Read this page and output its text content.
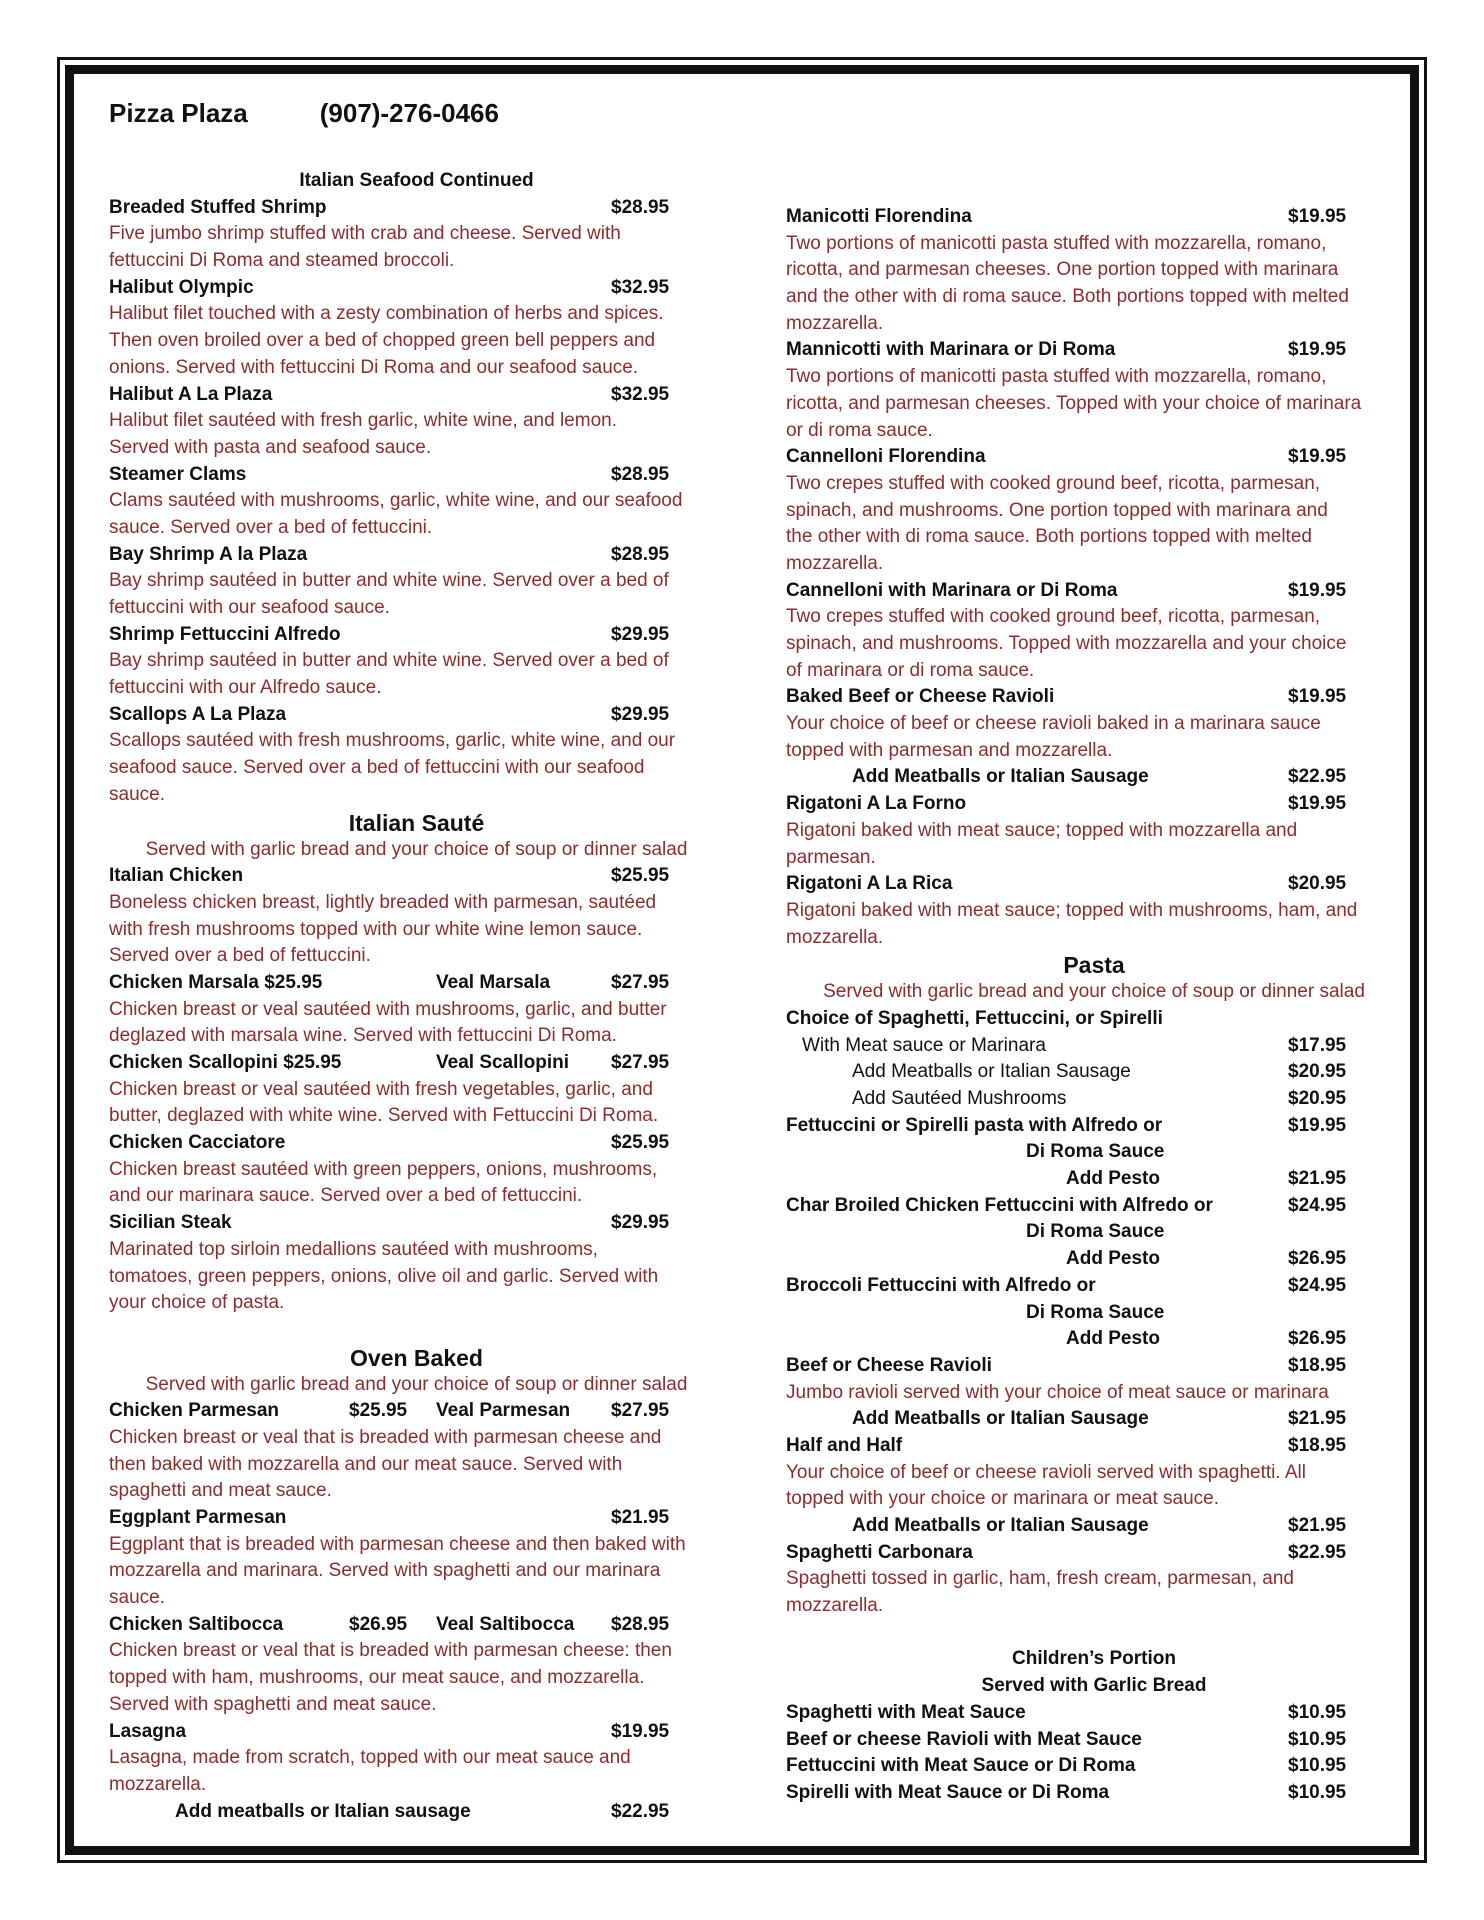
Pizza Plaza	(907)-276-0466
Italian Seafood Continued
Breaded Stuffed Shrimp	$28.95
Five jumbo shrimp stuffed with crab and cheese. Served with
fettuccini Di Roma and steamed broccoli.
Halibut Olympic	$32.95
Halibut filet touched with a zesty combination of herbs and spices.
Then oven broiled over a bed of chopped green bell peppers and
onions. Served with fettuccini Di Roma and our seafood sauce.
Halibut A La Plaza	$32.95
Halibut filet sautéed with fresh garlic, white wine, and lemon.
Served with pasta and seafood sauce.
Steamer Clams	$28.95
Clams sautéed with mushrooms, garlic, white wine, and our seafood
sauce. Served over a bed of fettuccini.
Bay Shrimp A la Plaza	$28.95
Bay shrimp sautéed in butter and white wine. Served over a bed of
fettuccini with our seafood sauce.
Shrimp Fettuccini Alfredo	$29.95
Bay shrimp sautéed in butter and white wine. Served over a bed of
fettuccini with our Alfredo sauce.
Scallops A La Plaza	$29.95
Scallops sautéed with fresh mushrooms, garlic, white wine, and our
seafood sauce. Served over a bed of fettuccini with our seafood
sauce.
Italian Sauté
Served with garlic bread and your choice of soup or dinner salad
Italian Chicken	$25.95
Boneless chicken breast, lightly breaded with parmesan, sautéed
with fresh mushrooms topped with our white wine lemon sauce.
Served over a bed of fettuccini.
Chicken Marsala $25.95	Veal Marsala	$27.95
Chicken breast or veal sautéed with mushrooms, garlic, and butter
deglazed with marsala wine. Served with fettuccini Di Roma.
Chicken Scallopini $25.95	Veal Scallopini $27.95
Chicken breast or veal sautéed with fresh vegetables, garlic, and
butter, deglazed with white wine. Served with Fettuccini Di Roma.
Chicken Cacciatore	$25.95
Chicken breast sautéed with green peppers, onions, mushrooms,
and our marinara sauce. Served over a bed of fettuccini.
Sicilian Steak	$29.95
Marinated top sirloin medallions sautéed with mushrooms,
tomatoes, green peppers, onions, olive oil and garlic. Served with
your choice of pasta.
Oven Baked
Served with garlic bread and your choice of soup or dinner salad
Chicken Parmesan	$25.95 Veal Parmesan $27.95
Chicken breast or veal that is breaded with parmesan cheese and
then baked with mozzarella and our meat sauce. Served with
spaghetti and meat sauce.
Eggplant Parmesan	$21.95
Eggplant that is breaded with parmesan cheese and then baked with
mozzarella and marinara. Served with spaghetti and our marinara
sauce.
Chicken Saltibocca	$26.95 Veal Saltibocca $28.95
Chicken breast or veal that is breaded with parmesan cheese: then
topped with ham, mushrooms, our meat sauce, and mozzarella.
Served with spaghetti and meat sauce.
Lasagna	$19.95
Lasagna, made from scratch, topped with our meat sauce and
mozzarella.
Add meatballs or Italian sausage	$22.95
Manicotti Florendina	$19.95
Two portions of manicotti pasta stuffed with mozzarella, romano,
ricotta, and parmesan cheeses. One portion topped with marinara
and the other with di roma sauce. Both portions topped with melted
mozzarella.
Mannicotti with Marinara or Di Roma	$19.95
Two portions of manicotti pasta stuffed with mozzarella, romano,
ricotta, and parmesan cheeses. Topped with your choice of marinara
or di roma sauce.
Cannelloni Florendina	$19.95
Two crepes stuffed with cooked ground beef, ricotta, parmesan,
spinach, and mushrooms. One portion topped with marinara and
the other with di roma sauce. Both portions topped with melted
mozzarella.
Cannelloni with Marinara or Di Roma	$19.95
Two crepes stuffed with cooked ground beef, ricotta, parmesan,
spinach, and mushrooms. Topped with mozzarella and your choice
of marinara or di roma sauce.
Baked Beef or Cheese Ravioli	$19.95
Your choice of beef or cheese ravioli baked in a marinara sauce
topped with parmesan and mozzarella.
Add Meatballs or Italian Sausage	$22.95
Rigatoni A La Forno	$19.95
Rigatoni baked with meat sauce; topped with mozzarella and
parmesan.
Rigatoni A La Rica	$20.95
Rigatoni baked with meat sauce; topped with mushrooms, ham, and
mozzarella.
Pasta
Served with garlic bread and your choice of soup or dinner salad
Choice of Spaghetti, Fettuccini, or Spirelli
With Meat sauce or Marinara	$17.95
Add Meatballs or Italian Sausage	$20.95
Add Sautéed Mushrooms	$20.95
Fettuccini or Spirelli pasta with Alfredo or	$19.95
Di Roma Sauce
Add Pesto	$21.95
Char Broiled Chicken Fettuccini with Alfredo or	$24.95
Di Roma Sauce
Add Pesto	$26.95
Broccoli Fettuccini with Alfredo or	$24.95
Di Roma Sauce
Add Pesto	$26.95
Beef or Cheese Ravioli	$18.95
Jumbo ravioli served with your choice of meat sauce or marinara
Add Meatballs or Italian Sausage	$21.95
Half and Half	$18.95
Your choice of beef or cheese ravioli served with spaghetti. All
topped with your choice or marinara or meat sauce.
Add Meatballs or Italian Sausage	$21.95
Spaghetti Carbonara	$22.95
Spaghetti tossed in garlic, ham, fresh cream, parmesan, and
mozzarella.
Children’s Portion
Served with Garlic Bread
Spaghetti with Meat Sauce	$10.95
Beef or cheese Ravioli with Meat Sauce	$10.95
Fettuccini with Meat Sauce or Di Roma	$10.95
Spirelli with Meat Sauce or Di Roma	$10.95
